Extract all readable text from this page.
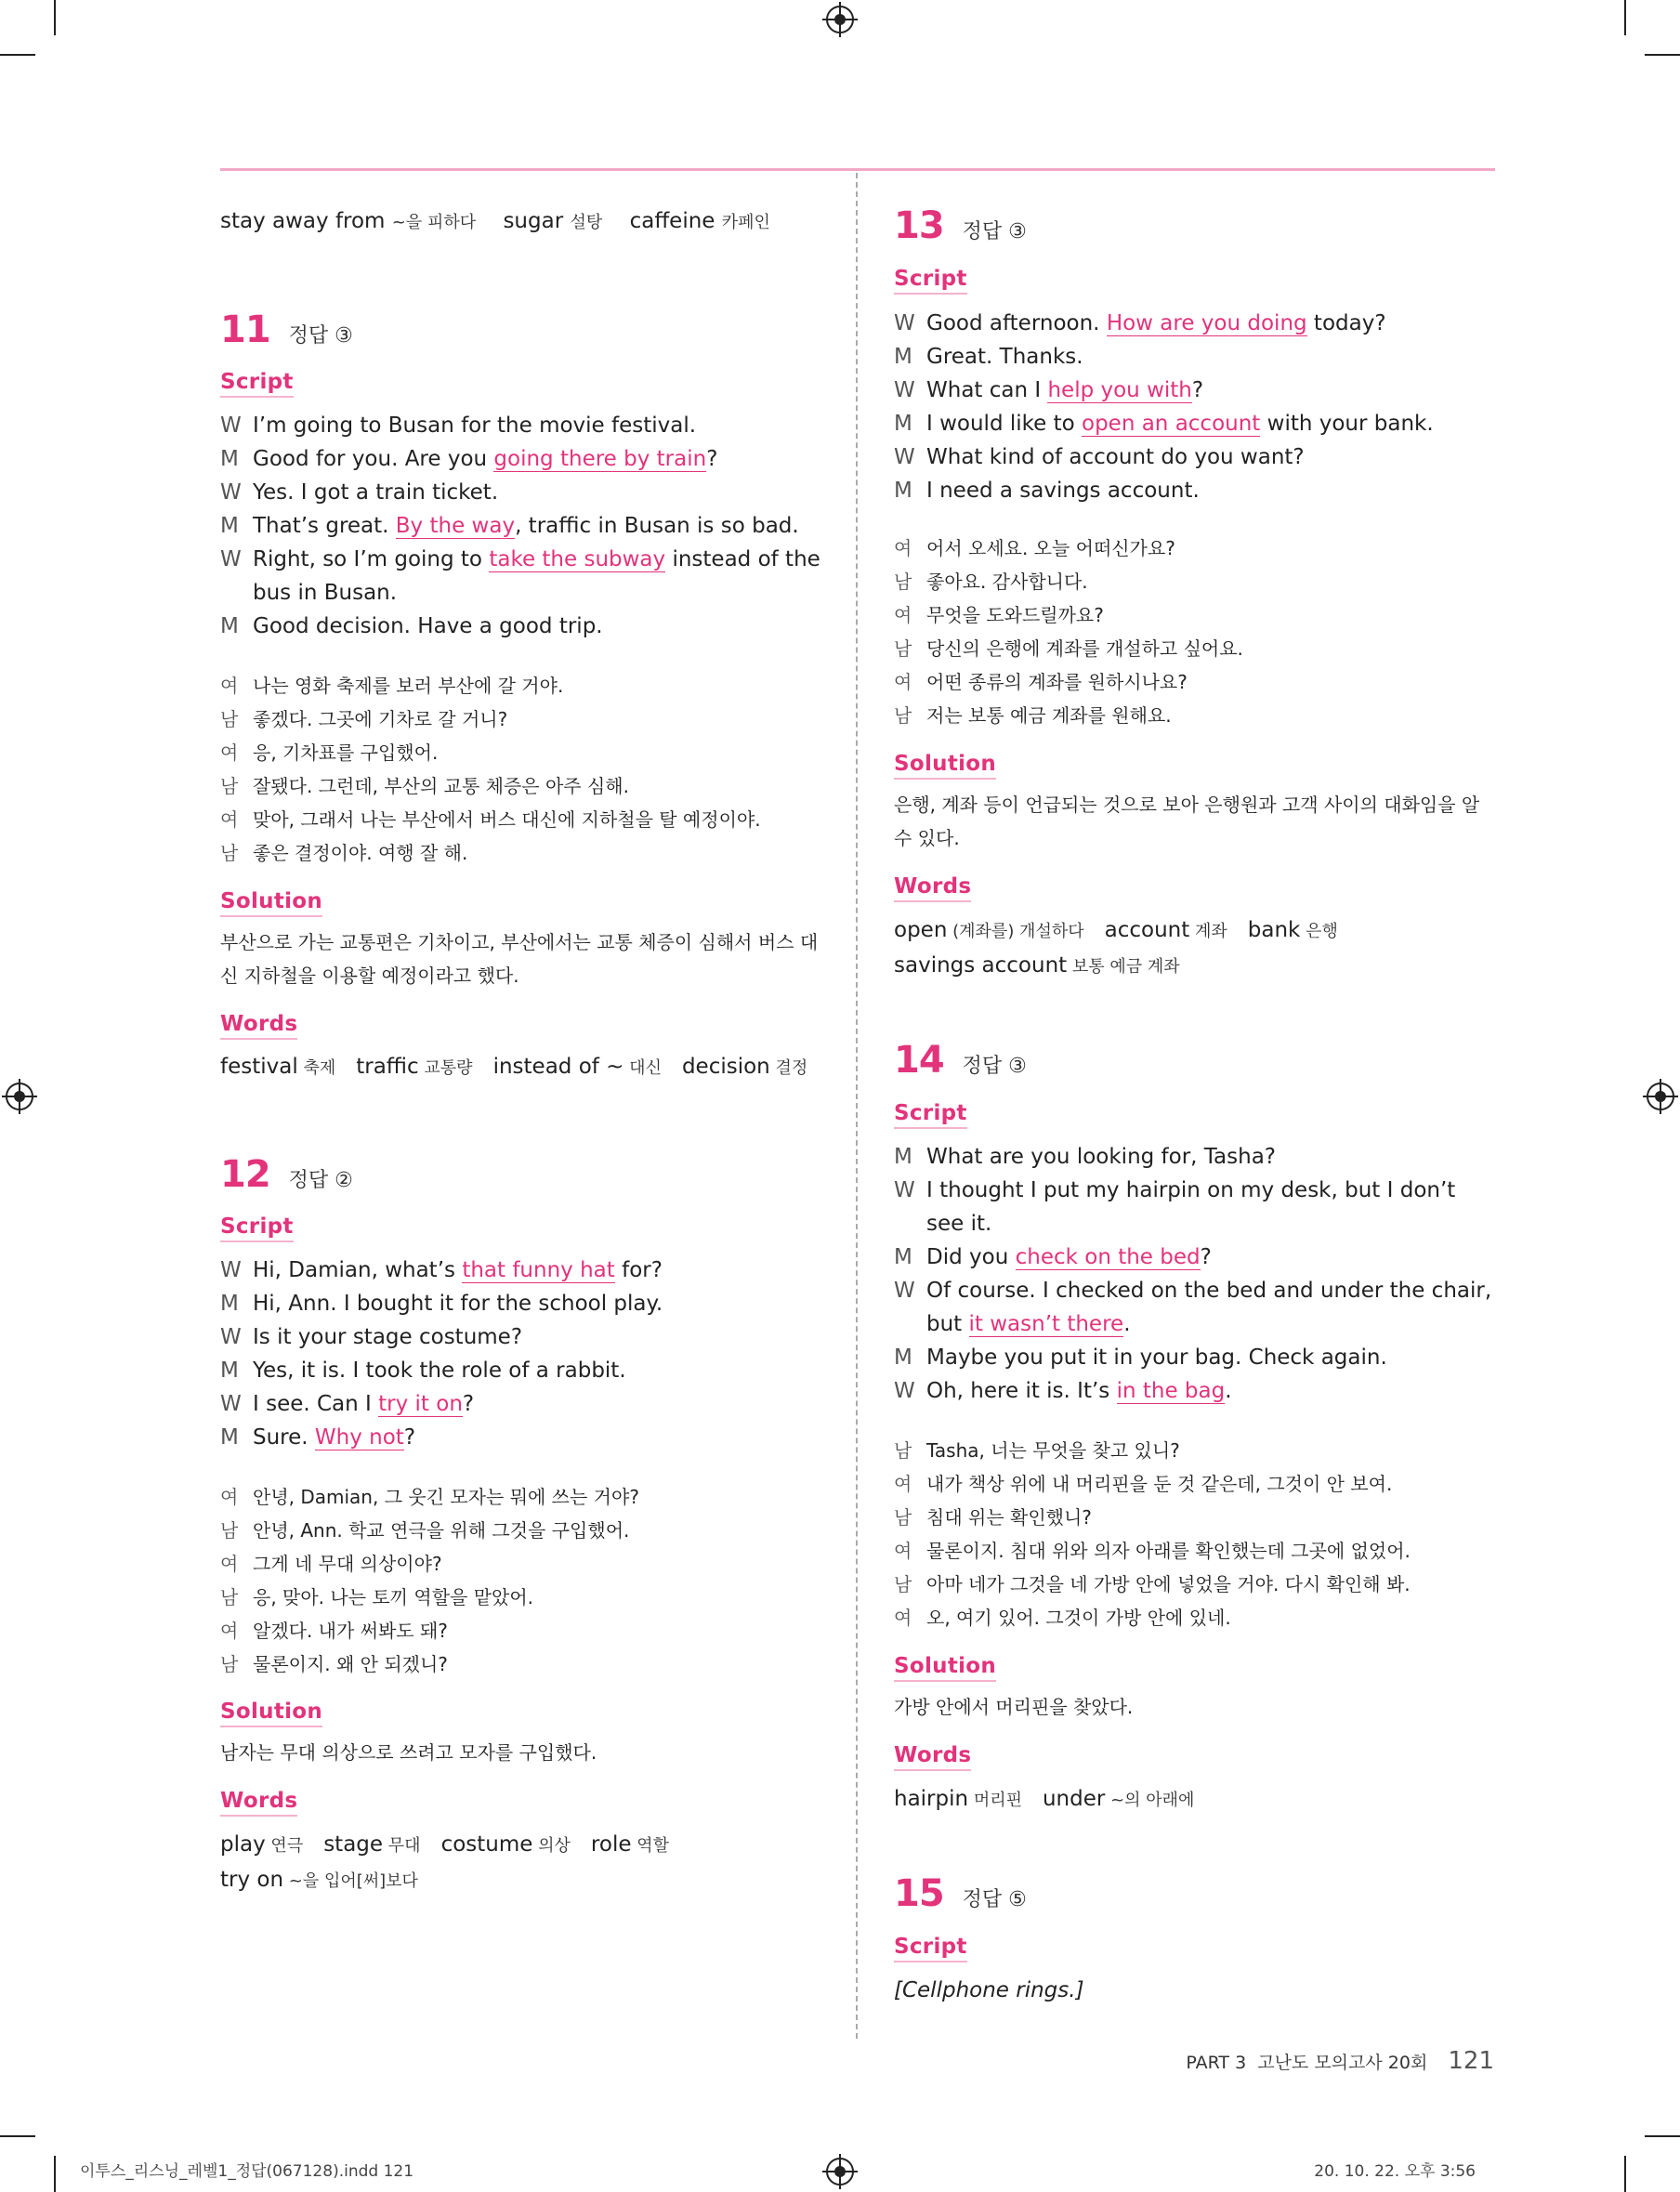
stay away from ~을 피하다 sugar 설탕 caffeine 카페인
11 정답 ③
Script
W I’m going to Busan for the movie festival.
M Good for you. Are you going there by train?
W Yes. I got a train ticket.
M That’s great. By the way, traffic in Busan is so bad.
W Right, so I’m going to take the subway instead of the bus in Busan.
M Good decision. Have a good trip.
여 나는 영화 축제를 보러 부산에 갈 거야.
남 좋겠다. 그곳에 기차로 갈 거니?
여 응, 기차표를 구입했어.
남 잘됐다. 그런데, 부산의 교통 체증은 아주 심해.
여 맞아, 그래서 나는 부산에서 버스 대신에 지하철을 탈 예정이야.
남 좋은 결정이야. 여행 잘 해.
Solution
부산으로 가는 교통편은 기차이고, 부산에서는 교통 체증이 심해서 버스 대신 지하철을 이용할 예정이라고 했다.
Words
festival 축제 traffic 교통량 instead of ~ 대신 decision 결정
12 정답 ②
Script
W Hi, Damian, what’s that funny hat for?
M Hi, Ann. I bought it for the school play.
W Is it your stage costume?
M Yes, it is. I took the role of a rabbit.
W I see. Can I try it on?
M Sure. Why not?
여 안녕, Damian, 그 웃긴 모자는 뭐에 쓰는 거야?
남 안녕, Ann. 학교 연극을 위해 그것을 구입했어.
여 그게 네 무대 의상이야?
남 응, 맞아. 나는 토끼 역할을 맡았어.
여 알겠다. 내가 써봐도 돼?
남 물론이지. 왜 안 되겠니?
Solution
남자는 무대 의상으로 쓰려고 모자를 구입했다.
Words
play 연극 stage 무대 costume 의상 role 역할
try on ~을 입어[써]보다
13 정답 ③
Script
W Good afternoon. How are you doing today?
M Great. Thanks.
W What can I help you with?
M I would like to open an account with your bank.
W What kind of account do you want?
M I need a savings account.
여 어서 오세요. 오늘 어떠신가요?
남 좋아요. 감사합니다.
여 무엇을 도와드릴까요?
남 당신의 은행에 계좌를 개설하고 싶어요.
여 어떤 종류의 계좌를 원하시나요?
남 저는 보통 예금 계좌를 원해요.
Solution
은행, 계좌 등이 언급되는 것으로 보아 은행원과 고객 사이의 대화임을 알 수 있다.
Words
open (계좌를) 개설하다 account 계좌 bank 은행
savings account 보통 예금 계좌
14 정답 ③
Script
M What are you looking for, Tasha?
W I thought I put my hairpin on my desk, but I don’t see it.
M Did you check on the bed?
W Of course. I checked on the bed and under the chair, but it wasn’t there.
M Maybe you put it in your bag. Check again.
W Oh, here it is. It’s in the bag.
남 Tasha, 너는 무엇을 찾고 있니?
여 내가 책상 위에 내 머리핀을 둔 것 같은데, 그것이 안 보여.
남 침대 위는 확인했니?
여 물론이지. 침대 위와 의자 아래를 확인했는데 그곳에 없었어.
남 아마 네가 그것을 네 가방 안에 넣었을 거야. 다시 확인해 봐.
여 오, 여기 있어. 그것이 가방 안에 있네.
Solution
가방 안에서 머리핀을 찾았다.
Words
hairpin 머리핀 under ~의 아래에
15 정답 ⑤
Script
[Cellphone rings.]
PART 3 고난도 모의고사 20회 121
이투스_리스닝_레벨1_정답(067128).indd 121	20. 10. 22. 오후 3:56
